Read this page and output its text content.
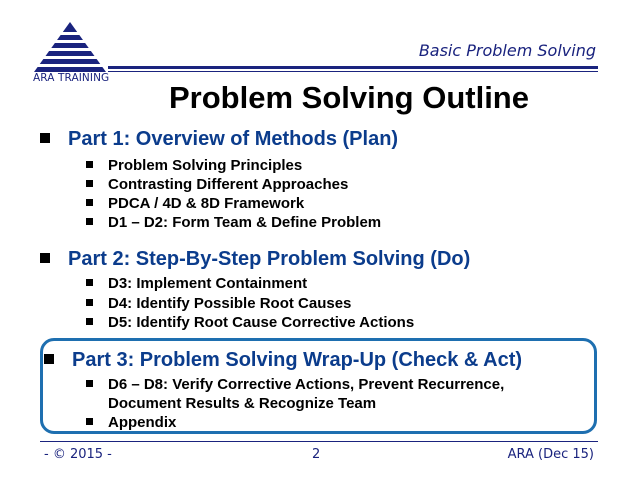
ARA TRAINING
Basic Problem Solving
Problem Solving Outline
Part 1: Overview of Methods (Plan)
Problem Solving Principles
Contrasting Different Approaches
PDCA / 4D & 8D Framework
D1 – D2: Form Team & Define Problem
Part 2: Step-By-Step Problem Solving (Do)
D3: Implement Containment
D4: Identify Possible Root Causes
D5: Identify Root Cause Corrective Actions
Part 3: Problem Solving Wrap-Up (Check & Act)
D6 – D8: Verify Corrective Actions, Prevent Recurrence,
Document Results & Recognize Team
Appendix
- © 2015 -	2	ARA (Dec 15)
